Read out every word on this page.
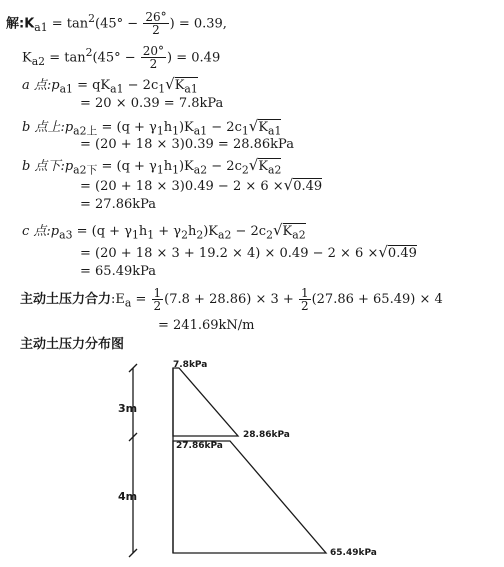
解$:K_{a1} = \tan^2(45^\circ - \frac{26^\circ}{2}$ ) = 0.39,
$K_{a2} = \tan^2(45^\circ - \frac{20^\circ}{2}$ ) = 0.49
a 点$:p_{a1} = qK_{a1} - 2c_1√K_{a1}$
= 20 × 0.39 = 7.8kPa
b 点上$:p_{a2上} = (q + \gamma_1h_1)K_{a1} - 2c_1√K_{a1}$
= (20 + 18 × 3)0.39 = 28.86kPa
b 点下$:p_{a2下} = (q + \gamma_1h_1)K_{a2} - 2c_2√K_{a2}$
= (20 + 18 × 3)0.49 − 2 × 6 ×√0.49
= 27.86kPa
c 点$:p_{a3} = (q + \gamma_1h_1 + \gamma_2h_2)K_{a2} - 2c_2√K_{a2}$
= (20 + 18 × 3 + 19.2 × 4) × 0.49 − 2 × 6 ×√0.49
= 65.49kPa
主动土压力合力$:E_a = \frac{1}{2} (7.8 + 28.86) \times 3 + \frac{1}{2} (27.86 + 65.49) \times 4$
= 241.69kN/m
主动土压力分布图
7.8kPa
28.86kPa
27.86kPa
65.49kPa
3m
4m
